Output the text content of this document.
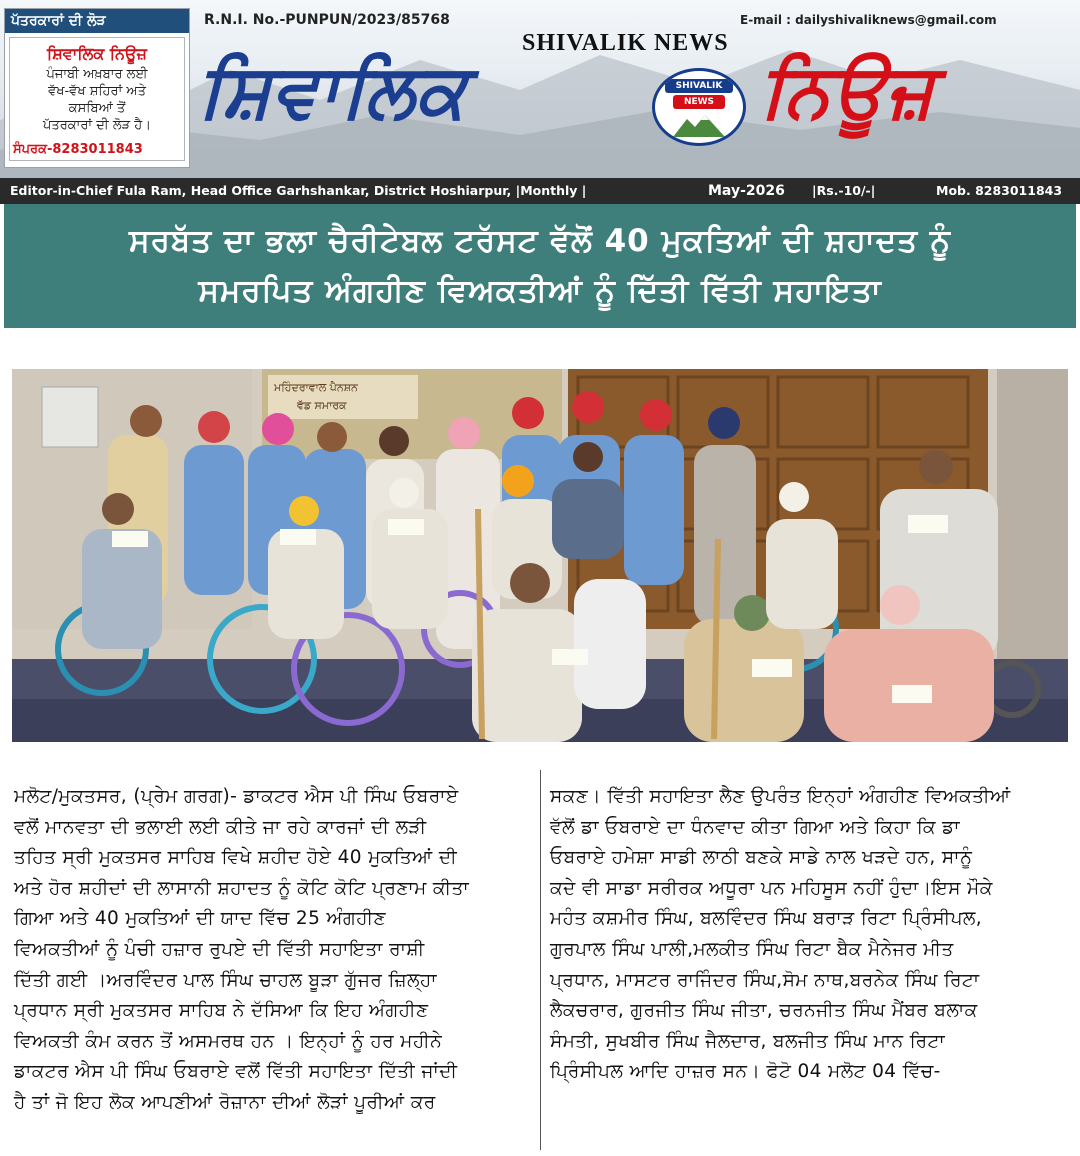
ਪੱਤਰਕਾਰਾਂ ਦੀ ਲੋੜ
ਸ਼ਿਵਾਲਿਕ ਨਿਊਜ਼
ਪੰਜਾਬੀ ਅਖ਼ਬਾਰ ਲਈ
ਵੱਖ-ਵੱਖ ਸ਼ਹਿਰਾਂ ਅਤੇ
ਕਸਬਿਆਂ ਤੋਂ
ਪੱਤਰਕਾਰਾਂ ਦੀ ਲੋੜ ਹੈ।
ਸੰਪਰਕ-8283011843
R.N.I. No.-PUNPUN/2023/85768	E-mail : dailyshivaliknews@gmail.com
SHIVALIK NEWS
ਸ਼ਿਵਾਲਿਕ	ਨਿਊਜ਼
SHIVALIK
NEWS
Editor-in-Chief Fula Ram, Head Office Garhshankar, District Hoshiarpur, |Monthly |	May-2026 |Rs.-10/-|	Mob. 8283011843
ਸਰਬੱਤ ਦਾ ਭਲਾ ਚੈਰੀਟੇਬਲ ਟਰੱਸਟ ਵੱਲੋਂ 40 ਮੁਕਤਿਆਂ ਦੀ ਸ਼ਹਾਦਤ ਨੂੰ
ਸਮਰਪਿਤ ਅੰਗਹੀਣ ਵਿਅਕਤੀਆਂ ਨੂੰ ਦਿੱਤੀ ਵਿੱਤੀ ਸਹਾਇਤਾ
ਮਹਿੰਦਰਾਵਾਲ ਪੈਨਸ਼ਨ
ਵੱਡ ਸਮਾਰਕ
ਮਲੋਟ/ਮੁਕਤਸਰ, (ਪ੍ਰੇਮ ਗਰਗ)- ਡਾਕਟਰ ਐਸ ਪੀ ਸਿੰਘ ਓਬਰਾਏ
ਵਲੋਂ ਮਾਨਵਤਾ ਦੀ ਭਲਾਈ ਲਈ ਕੀਤੇ ਜਾ ਰਹੇ ਕਾਰਜਾਂ ਦੀ ਲੜੀ
ਤਹਿਤ ਸ੍ਰੀ ਮੁਕਤਸਰ ਸਾਹਿਬ ਵਿਖੇ ਸ਼ਹੀਦ ਹੋਏ 40 ਮੁਕਤਿਆਂ ਦੀ
ਅਤੇ ਹੋਰ ਸ਼ਹੀਦਾਂ ਦੀ ਲਾਸਾਨੀ ਸ਼ਹਾਦਤ ਨੂੰ ਕੋਟਿ ਕੋਟਿ ਪ੍ਰਣਾਮ ਕੀਤਾ
ਗਿਆ ਅਤੇ 40 ਮੁਕਤਿਆਂ ਦੀ ਯਾਦ ਵਿੱਚ 25 ਅੰਗਹੀਣ
ਵਿਅਕਤੀਆਂ ਨੂੰ ਪੰਚੀ ਹਜ਼ਾਰ ਰੁਪਏ ਦੀ ਵਿੱਤੀ ਸਹਾਇਤਾ ਰਾਸ਼ੀ
ਦਿੱਤੀ ਗਈ ।ਅਰਵਿੰਦਰ ਪਾਲ ਸਿੰਘ ਚਾਹਲ ਬੂੜਾ ਗੁੱਜਰ ਜ਼ਿਲ੍ਹਾ
ਪ੍ਰਧਾਨ ਸ੍ਰੀ ਮੁਕਤਸਰ ਸਾਹਿਬ ਨੇ ਦੱਸਿਆ ਕਿ ਇਹ ਅੰਗਹੀਣ
ਵਿਅਕਤੀ ਕੰਮ ਕਰਨ ਤੋਂ ਅਸਮਰਥ ਹਨ । ਇਨ੍ਹਾਂ ਨੂੰ ਹਰ ਮਹੀਨੇ
ਡਾਕਟਰ ਐਸ ਪੀ ਸਿੰਘ ਓਬਰਾਏ ਵਲੋਂ ਵਿੱਤੀ ਸਹਾਇਤਾ ਦਿੱਤੀ ਜਾਂਦੀ
ਹੈ ਤਾਂ ਜੋ ਇਹ ਲੋਕ ਆਪਣੀਆਂ ਰੋਜ਼ਾਨਾ ਦੀਆਂ ਲੋੜਾਂ ਪੂਰੀਆਂ ਕਰ
ਸਕਣ। ਵਿੱਤੀ ਸਹਾਇਤਾ ਲੈਣ ਉਪਰੰਤ ਇਨ੍ਹਾਂ ਅੰਗਹੀਣ ਵਿਅਕਤੀਆਂ
ਵੱਲੋਂ ਡਾ ਓਬਰਾਏ ਦਾ ਧੰਨਵਾਦ ਕੀਤਾ ਗਿਆ ਅਤੇ ਕਿਹਾ ਕਿ ਡਾ
ਓਬਰਾਏ ਹਮੇਸ਼ਾ ਸਾਡੀ ਲਾਠੀ ਬਣਕੇ ਸਾਡੇ ਨਾਲ ਖੜਦੇ ਹਨ, ਸਾਨੂੰ
ਕਦੇ ਵੀ ਸਾਡਾ ਸਰੀਰਕ ਅਧੂਰਾ ਪਨ ਮਹਿਸੂਸ ਨਹੀਂ ਹੁੰਦਾ।ਇਸ ਮੌਕੇ
ਮਹੰਤ ਕਸ਼ਮੀਰ ਸਿੰਘ, ਬਲਵਿੰਦਰ ਸਿੰਘ ਬਰਾੜ ਰਿਟਾ ਪ੍ਰਿੰਸੀਪਲ,
ਗੁਰਪਾਲ ਸਿੰਘ ਪਾਲੀ,ਮਲਕੀਤ ਸਿੰਘ ਰਿਟਾ ਬੈਕ ਮੈਨੇਜਰ ਮੀਤ
ਪ੍ਰਧਾਨ, ਮਾਸਟਰ ਰਾਜਿੰਦਰ ਸਿੰਘ,ਸੋਮ ਨਾਥ,ਬਰਨੇਕ ਸਿੰਘ ਰਿਟਾ
ਲੈਕਚਰਾਰ, ਗੁਰਜੀਤ ਸਿੰਘ ਜੀਤਾ, ਚਰਨਜੀਤ ਸਿੰਘ ਮੈਂਬਰ ਬਲਾਕ
ਸੰਮਤੀ, ਸੁਖਬੀਰ ਸਿੰਘ ਜੈਲਦਾਰ, ਬਲਜੀਤ ਸਿੰਘ ਮਾਨ ਰਿਟਾ
ਪ੍ਰਿੰਸੀਪਲ ਆਦਿ ਹਾਜ਼ਰ ਸਨ। ਫੋਟੋ 04 ਮਲੋਟ 04 ਵਿੱਚ-
